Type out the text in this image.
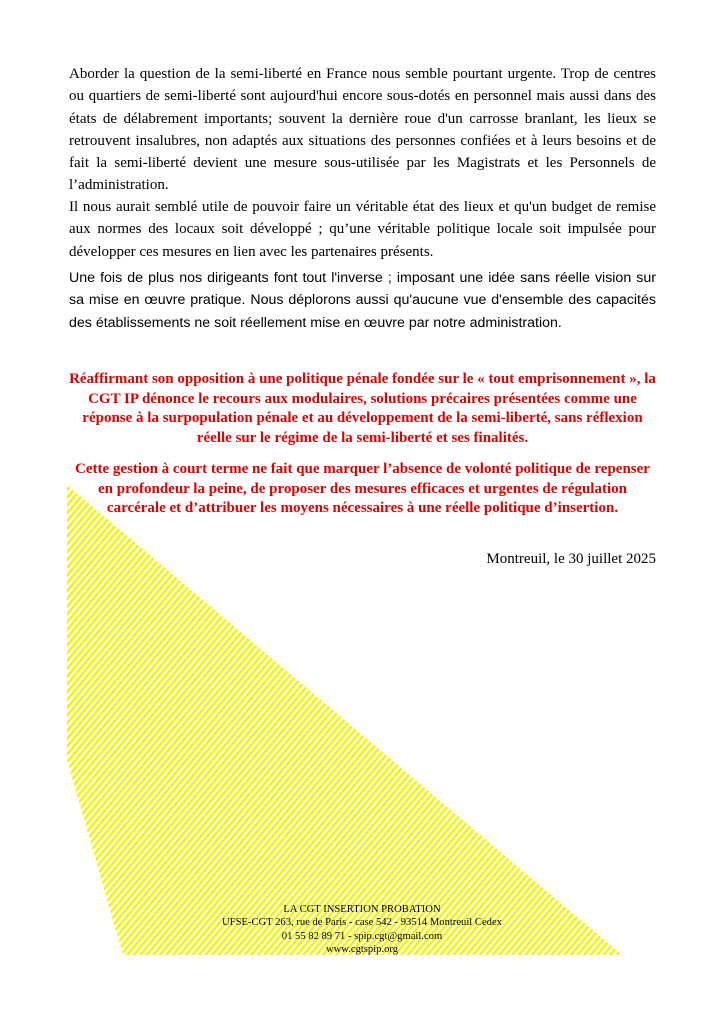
Aborder la question de la semi-liberté en France nous semble pourtant urgente. Trop de centres ou quartiers de semi-liberté sont aujourd'hui encore sous-dotés en personnel mais aussi dans des états de délabrement importants; souvent la dernière roue d'un carrosse branlant, les lieux se retrouvent insalubres, non adaptés aux situations des personnes confiées et à leurs besoins et de fait la semi-liberté devient une mesure sous-utilisée par les Magistrats et les Personnels de l’administration.
Il nous aurait semblé utile de pouvoir faire un véritable état des lieux et qu'un budget de remise aux normes des locaux soit développé ; qu’une véritable politique locale soit impulsée pour développer ces mesures en lien avec les partenaires présents.
Une fois de plus nos dirigeants font tout l'inverse ; imposant une idée sans réelle vision sur sa mise en œuvre pratique. Nous déplorons aussi qu'aucune vue d'ensemble des capacités des établissements ne soit réellement mise en œuvre par notre administration.
Réaffirmant son opposition à une politique pénale fondée sur le « tout emprisonnement », la CGT IP dénonce le recours aux modulaires, solutions précaires présentées comme une réponse à la surpopulation pénale et au développement de la semi-liberté, sans réflexion réelle sur le régime de la semi-liberté et ses finalités.
Cette gestion à court terme ne fait que marquer l’absence de volonté politique de repenser en profondeur la peine, de proposer des mesures efficaces et urgentes de régulation carcérale et d’attribuer les moyens nécessaires à une réelle politique d’insertion.
Montreuil, le 30 juillet 2025
LA CGT INSERTION PROBATION
UFSE-CGT 263, rue de Paris - case 542 - 93514 Montreuil Cedex
01 55 82 89 71 - spip.cgt@gmail.com
www.cgtspip.org
